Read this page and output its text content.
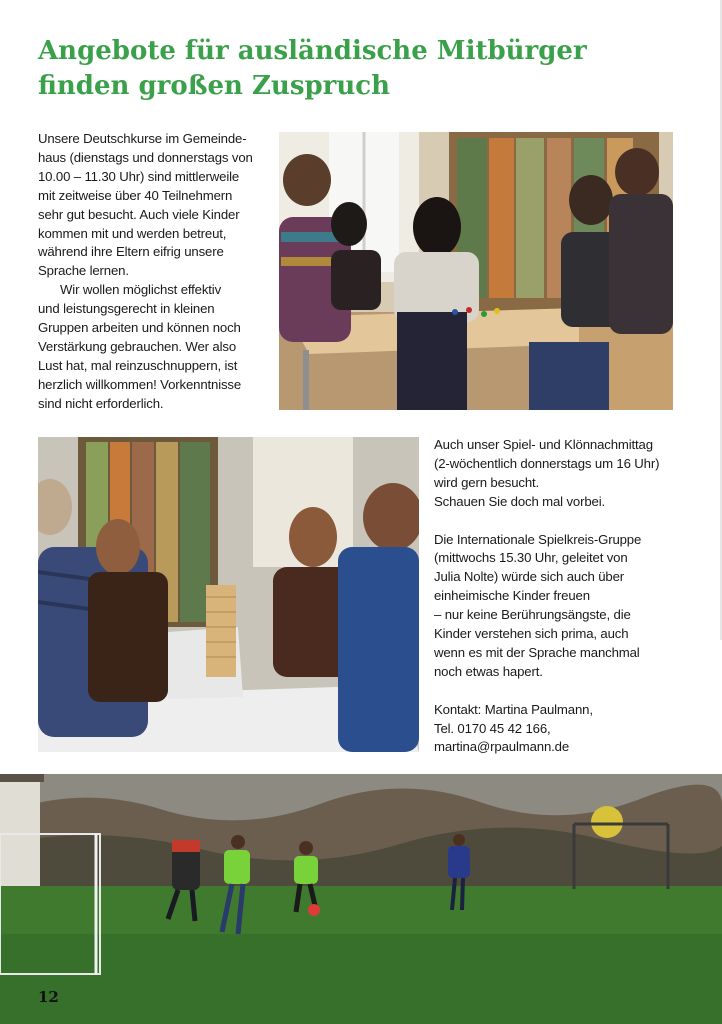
Angebote für ausländische Mitbürger
finden großen Zuspruch
Unsere Deutschkurse im Gemeinde-
haus (dienstags und donnerstags von
10.00 – 11.30 Uhr) sind mittlerweile
mit zeitweise über 40 Teilnehmern
sehr gut besucht. Auch viele Kinder
kommen mit und werden betreut,
während ihre Eltern eifrig unsere
Sprache lernen.
Wir wollen möglichst effektiv
und leistungsgerecht in kleinen
Gruppen arbeiten und können noch
Verstärkung gebrauchen. Wer also
Lust hat, mal reinzuschnuppern, ist
herzlich willkommen! Vorkenntnisse
sind nicht erforderlich.
Auch unser Spiel- und Klönnachmittag
(2-wöchentlich donnerstags um 16 Uhr)
wird gern besucht.
Schauen Sie doch mal vorbei.
Die Internationale Spielkreis-Gruppe
(mittwochs 15.30 Uhr, geleitet von
Julia Nolte) würde sich auch über
einheimische Kinder freuen
– nur keine Berührungsängste, die
Kinder verstehen sich prima, auch
wenn es mit der Sprache manchmal
noch etwas hapert.
Kontakt: Martina Paulmann,
Tel. 0170 45 42 166,
martina@rpaulmann.de
12
